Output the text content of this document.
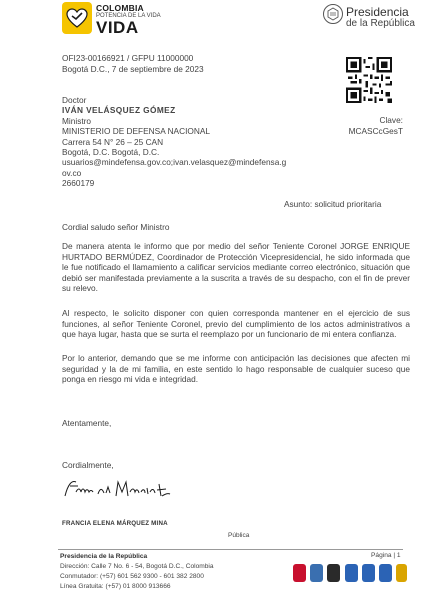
COLOMBIA
POTENCIA DE LA VIDA
VIDA
Presidencia
de la República
OFI23-00166921 / GFPU 11000000
Bogotá D.C., 7 de septiembre de 2023
Clave:
MCASCcGesT
Doctor
IVÁN VELÁSQUEZ GÓMEZ
Ministro
MINISTERIO DE DEFENSA NACIONAL
Carrera 54 N° 26 – 25 CAN
Bogotá, D.C. Bogotá, D.C.
usuarios@mindefensa.gov.co;ivan.velasquez@mindefensa.g
ov.co
2660179
Asunto: solicitud prioritaria

Cordial saludo señor Ministro

De manera atenta le informo que por medio del señor Teniente Coronel JORGE ENRIQUE HURTADO BERMÚDEZ, Coordinador de Protección Vicepresidencial, he sido informada que le fue notificado el llamamiento a calificar servicios mediante correo electrónico, situación que debió ser manifestada previamente a la suscrita a través de su despacho, con el fin de prever su relevo.

Al respecto, le solicito disponer con quien corresponda mantener en el ejercicio de sus funciones, al señor Teniente Coronel, previo del cumplimiento de los actos administrativos a que haya lugar, hasta que se surta el reemplazo por un funcionario de mi entera confianza.

Por lo anterior, demando que se me informe con anticipación las decisiones que afecten mi seguridad y la de mi familia, en este sentido lo hago responsable de cualquier suceso que ponga en riesgo mi vida e integridad.

Atentamente,

Cordialmente,

FRANCIA ELENA MÁRQUEZ MINA
Pública
Presidencia de la República
Dirección: Calle 7 No. 6 - 54, Bogotá D.C., Colombia
Conmutador: (+57) 601 562 9300 - 601 382 2800
Línea Gratuita: (+57) 01 8000 913666
Página | 1
